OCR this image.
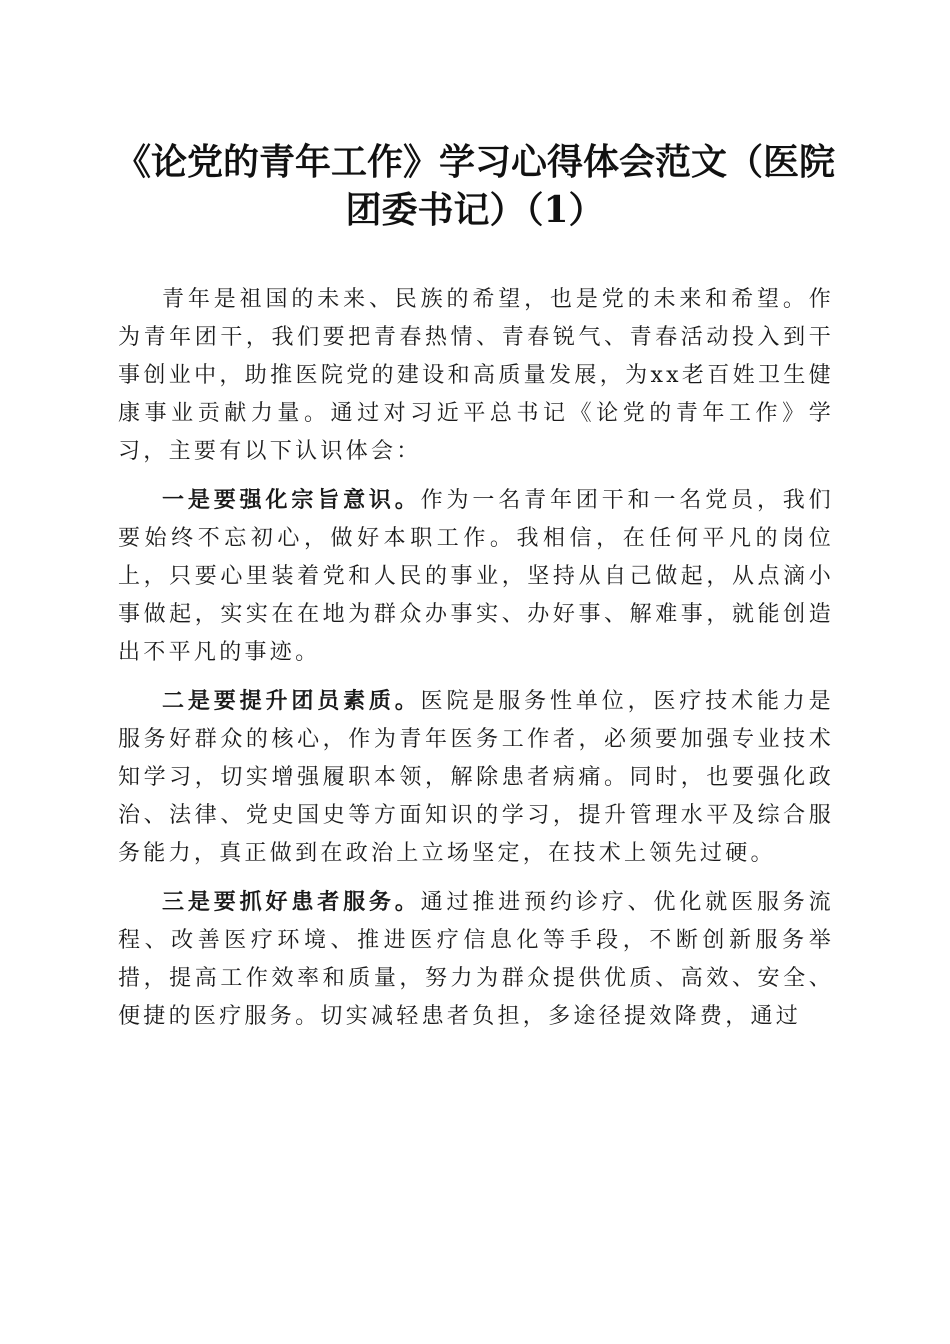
《论党的青年工作》学习心得体会范文（医院
团委书记）（1）

青年是祖国的未来、民族的希望，也是党的未来和希望。作为青年团干，我们要把青春热情、青春锐气、青春活动投入到干事创业中，助推医院党的建设和高质量发展，为xx老百姓卫生健康事业贡献力量。通过对习近平总书记《论党的青年工作》学习，主要有以下认识体会：

一是要强化宗旨意识。作为一名青年团干和一名党员，我们要始终不忘初心，做好本职工作。我相信，在任何平凡的岗位上，只要心里装着党和人民的事业，坚持从自己做起，从点滴小事做起，实实在在地为群众办事实、办好事、解难事，就能创造出不平凡的事迹。

二是要提升团员素质。医院是服务性单位，医疗技术能力是服务好群众的核心，作为青年医务工作者，必须要加强专业技术知学习，切实增强履职本领，解除患者病痛。同时，也要强化政治、法律、党史国史等方面知识的学习，提升管理水平及综合服务能力，真正做到在政治上立场坚定，在技术上领先过硬。

三是要抓好患者服务。通过推进预约诊疗、优化就医服务流程、改善医疗环境、推进医疗信息化等手段，不断创新服务举措，提高工作效率和质量，努力为群众提供优质、高效、安全、便捷的医疗服务。切实减轻患者负担，多途径提效降费，通过
